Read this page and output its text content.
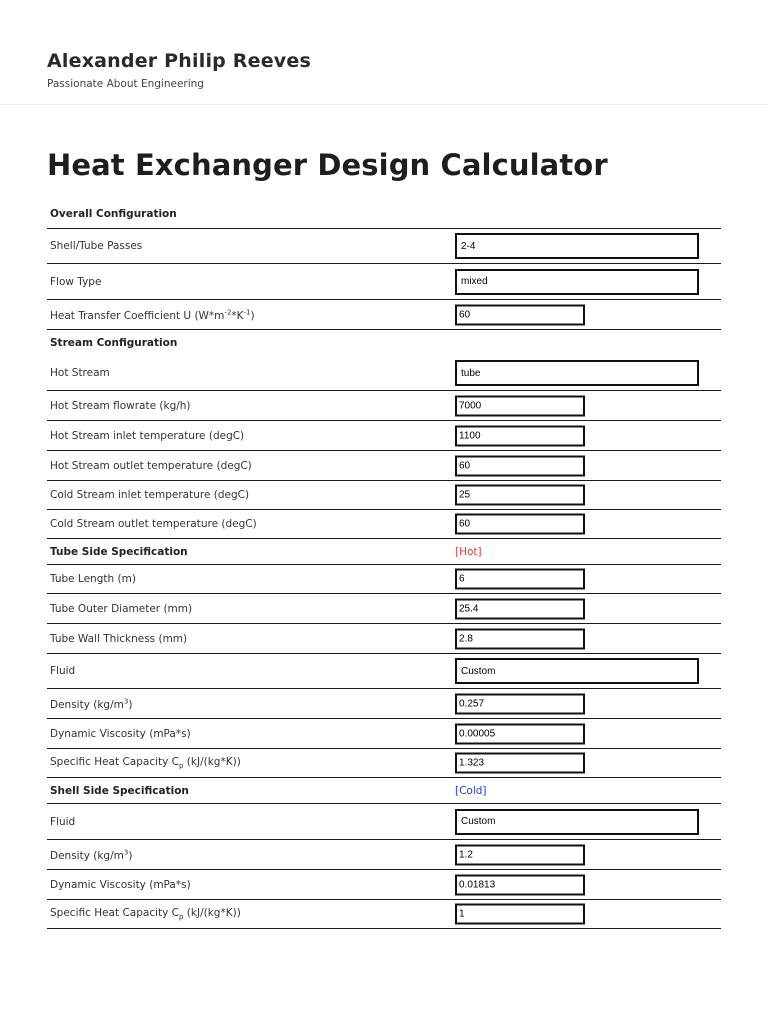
Alexander Philip Reeves
Passionate About Engineering
Heat Exchanger Design Calculator
Overall Configuration
Shell/Tube Passes	2-4
Flow Type	mixed
Heat Transfer Coefficient U $(W*m^{-2}*K^{-1})$	60
Stream Configuration
Hot Stream	tube
Hot Stream flowrate (kg/h)	7000
Hot Stream inlet temperature (degC)	1100
Hot Stream outlet temperature (degC)	60
Cold Stream inlet temperature (degC)	25
Cold Stream outlet temperature (degC)	60
Tube Side Specification	[Hot]
Tube Length (m)	6
Tube Outer Diameter (mm)	25.4
Tube Wall Thickness (mm)	2.8
Fluid	Custom
Density $(kg/m^3)$	0.257
Dynamic Viscosity (mPa*s)	0.00005
Specific Heat Capacity $C_p$ (kJ/(kg*K))	1.323
Shell Side Specification	[Cold]
Fluid	Custom
Density $(kg/m^3)$	1.2
Dynamic Viscosity (mPa*s)	0.01813
Specific Heat Capacity $C_p$ (kJ/(kg*K))	1
